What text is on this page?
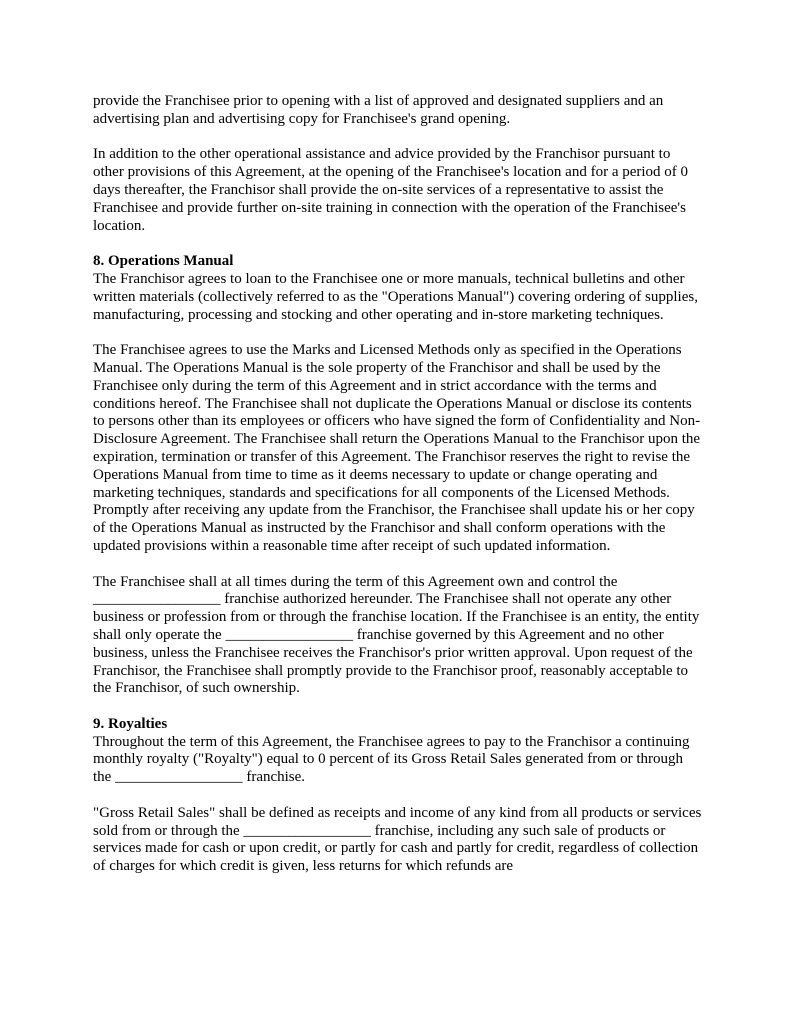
provide the Franchisee prior to opening with a list of approved and designated suppliers and an advertising plan and advertising copy for Franchisee's grand opening.

In addition to the other operational assistance and advice provided by the Franchisor pursuant to other provisions of this Agreement, at the opening of the Franchisee's location and for a period of 0 days thereafter, the Franchisor shall provide the on-site services of a representative to assist the Franchisee and provide further on-site training in connection with the operation of the Franchisee's location.

8. Operations Manual

The Franchisor agrees to loan to the Franchisee one or more manuals, technical bulletins and other written materials (collectively referred to as the "Operations Manual") covering ordering of supplies, manufacturing, processing and stocking and other operating and in-store marketing techniques.

The Franchisee agrees to use the Marks and Licensed Methods only as specified in the Operations Manual. The Operations Manual is the sole property of the Franchisor and shall be used by the Franchisee only during the term of this Agreement and in strict accordance with the terms and conditions hereof. The Franchisee shall not duplicate the Operations Manual or disclose its contents to persons other than its employees or officers who have signed the form of Confidentiality and Non-Disclosure Agreement. The Franchisee shall return the Operations Manual to the Franchisor upon the expiration, termination or transfer of this Agreement. The Franchisor reserves the right to revise the Operations Manual from time to time as it deems necessary to update or change operating and marketing techniques, standards and specifications for all components of the Licensed Methods. Promptly after receiving any update from the Franchisor, the Franchisee shall update his or her copy of the Operations Manual as instructed by the Franchisor and shall conform operations with the updated provisions within a reasonable time after receipt of such updated information.

The Franchisee shall at all times during the term of this Agreement own and control the _________________ franchise authorized hereunder. The Franchisee shall not operate any other business or profession from or through the franchise location. If the Franchisee is an entity, the entity shall only operate the _________________ franchise governed by this Agreement and no other business, unless the Franchisee receives the Franchisor's prior written approval. Upon request of the Franchisor, the Franchisee shall promptly provide to the Franchisor proof, reasonably acceptable to the Franchisor, of such ownership.

9. Royalties

Throughout the term of this Agreement, the Franchisee agrees to pay to the Franchisor a continuing monthly royalty ("Royalty") equal to 0 percent of its Gross Retail Sales generated from or through the _________________ franchise.

"Gross Retail Sales" shall be defined as receipts and income of any kind from all products or services sold from or through the _________________ franchise, including any such sale of products or services made for cash or upon credit, or partly for cash and partly for credit, regardless of collection of charges for which credit is given, less returns for which refunds are
